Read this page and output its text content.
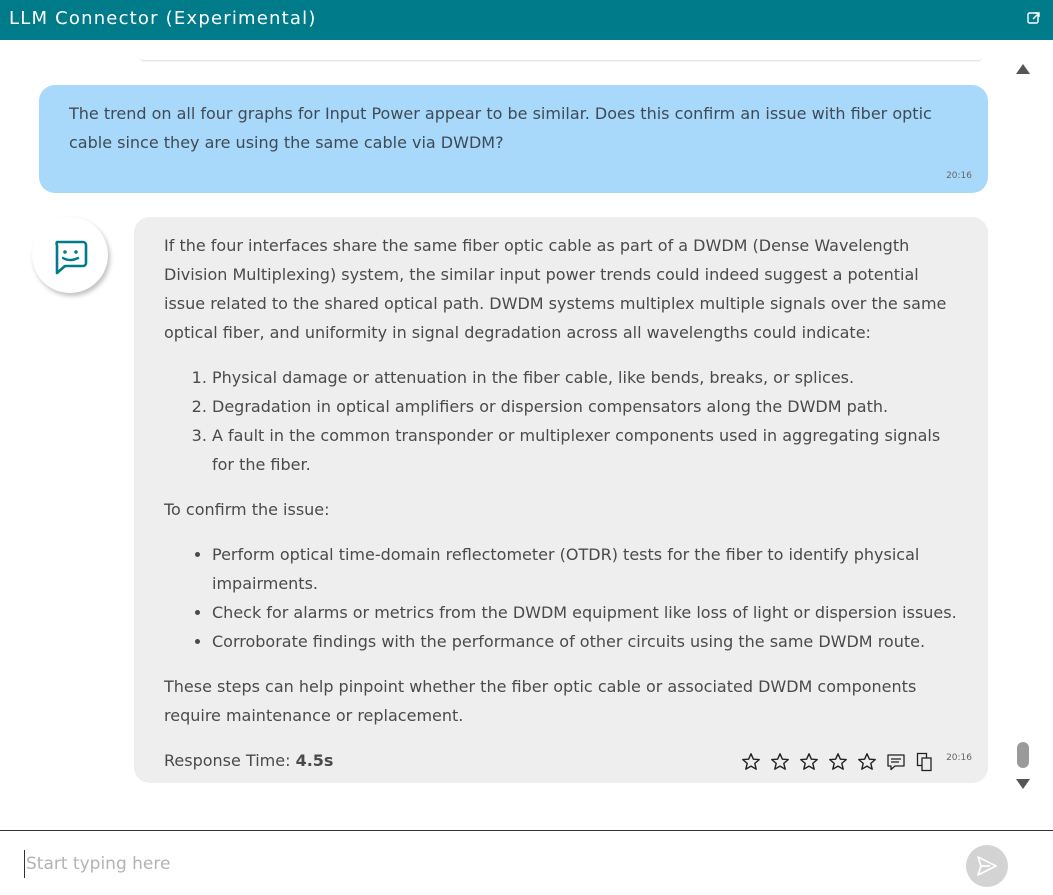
LLM Connector (Experimental)
The trend on all four graphs for Input Power appear to be similar. Does this confirm an issue with fiber optic cable since they are using the same cable via DWDM?
20:16

If the four interfaces share the same fiber optic cable as part of a DWDM (Dense Wavelength Division Multiplexing) system, the similar input power trends could indeed suggest a potential issue related to the shared optical path. DWDM systems multiplex multiple signals over the same optical fiber, and uniformity in signal degradation across all wavelengths could indicate:

1. Physical damage or attenuation in the fiber cable, like bends, breaks, or splices.
2. Degradation in optical amplifiers or dispersion compensators along the DWDM path.
3. A fault in the common transponder or multiplexer components used in aggregating signals for the fiber.

To confirm the issue:

• Perform optical time-domain reflectometer (OTDR) tests for the fiber to identify physical impairments.
• Check for alarms or metrics from the DWDM equipment like loss of light or dispersion issues.
• Corroborate findings with the performance of other circuits using the same DWDM route.

These steps can help pinpoint whether the fiber optic cable or associated DWDM components require maintenance or replacement.

Response Time: 4.5s	20:16
Start typing here
